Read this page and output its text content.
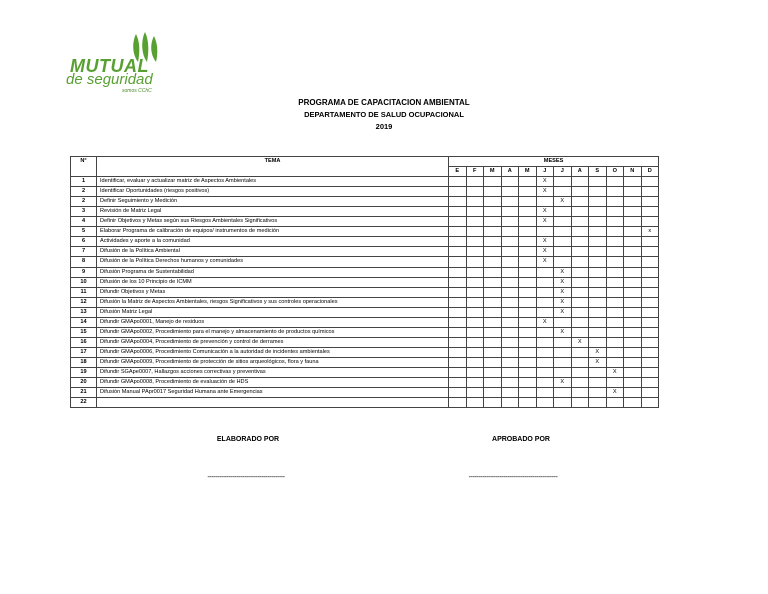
MUTUAL
de seguridad
somos CChC
PROGRAMA DE CAPACITACION AMBIENTAL
DEPARTAMENTO DE SALUD OCUPACIONAL
2019
N°	TEMA	MESES											
		E	F	M	A	M	J	J	A	S	O	N	D
1	Identificar, evaluar y actualizar matriz de Aspectos Ambientales						X						
2	Identificar Oportunidades (riesgos positivos)						X						
2	Definir Seguimiento y Medición							X					
3	Revisión de Matriz Legal						X						
4	Definir Objetivos y Metas según sus Riesgos Ambientales Significativos						X						
5	Elaborar Programa de calibración de equipos/ instrumentos de medición												x
6	Actividades y aporte a la comunidad						X						
7	Difusión de la Política Ambiental						X						
8	Difusión de la Política Derechos humanos y comunidades						X						
9	Difusión Programa de Sustentabilidad							X					
10	Difusión de los 10 Principio de ICMM							X					
11	Difundir Objetivos y Metas							X					
12	Difusión la Matriz de Aspectos Ambientales, riesgos Significativos y sus controles operacionales							X					
13	Difusión Matriz Legal							X					
14	Difundir GMApo0001, Manejo de residuos						X						
15	Difundir GMApo0002, Procedimiento para el manejo y almacenamiento de productos químicos							X					
16	Difundir GMApo0004, Procedimiento de prevención y control de derrames								X				
17	Difundir GMApo0006, Procedimiento Comunicación a la autoridad de incidentes ambientales									X			
18	Difundir GMApo0009, Procedimiento de protección de sitios arqueológicos, flora y fauna									X			
19	Difundir SGApe0007, Hallazgos acciones correctivas y preventivas										X		
20	Difundir GMApo0008, Procedimiento de evaluación de HDS							X					
21	Difusión Manual PApr0017 Seguridad Humana ante Emergencias										X		
22													
ELABORADO POR	APROBADO POR
----------------------------------------	----------------------------------------------
